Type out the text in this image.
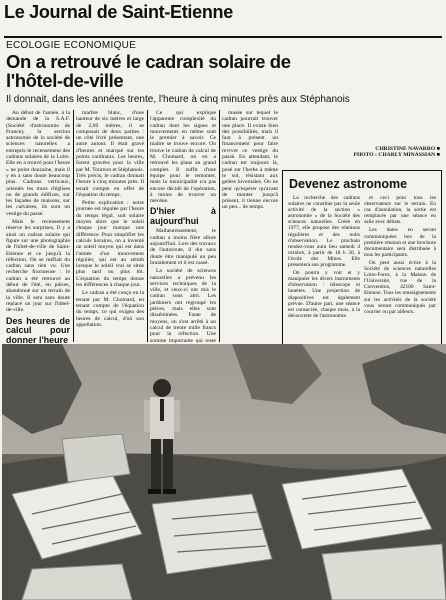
Le Journal de Saint-Etienne
ECOLOGIE ECONOMIQUE
On a retrouvé le cadran solaire de l'hôtel-de-ville
Il donnait, dans les années trente, l'heure à cinq minutes près aux Stéphanois

Au début de l'année, à la demande de la S.A.F. (Société d'astronomie de France), la section astronomie de la société de sciences naturelles a entrepris le recensement des cadrans solaires de la Loire. Elle en a trouvé pour l'heure « ne point douzaine, mais il y en a sans doute beaucoup plus. Cadrans verticaux, orientés les murs d'églises ou de grands édifices, sur les façades de maisons, sur les calvaires, ils sont un vestige du passé.

Mais le recensement réserve les surprises, Il y a ainsi un cadran solaire qui figure sur une photographie de l'hôtel-de-ville de Saint-Etienne et ce jusqu'à la réfection. On se méfiait du cadran sans rien vu. Une recherche fructueuse : le cadran a été retrouvé au début de l'été, en pièces, abandonné sur un terrain de la ville. Il sera sans doute replacé un jour sur l'hôtel-de-ville.

Des heures de calcul pour donner l'heure

marbre blanc, d'une hauteur de six mètres et large de 2,60 mètres, il se composait de deux parties : un côté livré présentant, une autre autour. Il était gravé d'heures et marqué sur les points cardinaux. Les heures, furent gravées pour la ville par M. Tournon et Stéphanois. Très précis, le cadran donnait l'heure à cinq minutes près. Il tenait compte en effet de l'équation du temps.

Petite explication : notre journée est régulée par l'heure du temps légal, soit solaire moyen alors que le soleil chaque jour marque une différence. Pour simplifier les calculs horaires, on a inventé un soleil moyen qui est dans l'année d'un mouvement régulier, qui est au zénith lorsque le soleil vrai se situe plus tard ou plus tôt. L'équation du temps donne les différences à chaque jour.

Le cadran a été conçu en la tenant par M. Chomard, en tenant compte de l'équation du temps, ce qui exigea des heures de calcul, d'où son appellation.

Ce qui explique l'apparente complexité du cadran dont les signes et mouvements en même sont le premier à savoir. Ce maître se trouve encore. On trouve le cadran de calcul de M. Chomard, on en a retrouvé les plans au grand complet. Il suffit d'une équipe pour le remonter, mais la municipalité n'a pas encore décidé de l'opération, à moins de trouver un mécène.

D'hier à aujourd'hui

Malheureusement, le cadran a moins fière allure aujourd'hui. Lors des travaux de l'autoroute, il dut sans doute être manipulé un peu brutalement et il est cassé.

La société de sciences naturelles a prévenu les services techniques de la ville, et ceux-ci ont mis le cadran sous abri. Les jardiniers ont regroupé les pièces, mais elles sont disséminées. Faute de moyens, on s'est arrêté à un calcul de trente mille francs pour la réfection. Une somme importante qui reste

musée sur lequel le cadran pourrait trouver une place. Il existe bien des possibilités, mais il faut à présent un financement pour faire revivre ce vestige du passé. En attendant, le cadran est toujours là, posé sur l'herbe à même le sol, résistant aux gelées hivernales. On ne peut qu'espérer qu'avant de monter jusqu'à présent, il tienne encore un peu... de temps.

CHRISTINE NAVARRO ■
PHOTO : CHARLY MINASSIAN ■
Devenez astronome

La recherche des cadrans solaires ne constitue pas la seule activité de la section « astronomie » de la Société des sciences naturelles. Créée en 1977, elle propose des réunions régulières et des nuits d'observation. Le prochain rendez-vous aura lieu samedi 4 octobre, à partir de 18 h 30, à l'école des Mines. Elle présentera son programme.

On pourra y voir et y manipuler les divers instruments d'observation : télescope et lunettes. Une projection de diapositives est également prévue. D'autre part, une séance est consacrée, chaque mois, à la découverte de l'astronomie.

et ceci pour tous les observateurs sur le terrain. En cas d'annulation, la sortie est remplacée par une séance en salle avec débats.

Les dates en seront communiquées lors de la première réunion et une brochure documentaire sera distribuée à tous les participants.

On peut aussi écrire à la Société de sciences naturelles Loire-Forez, à la Maison de l'Université, rue de la Convention, 42100 Saint-Etienne. Tous les renseignements sur les activités de la société vous seront communiqués par courrier ou par ailleurs.
